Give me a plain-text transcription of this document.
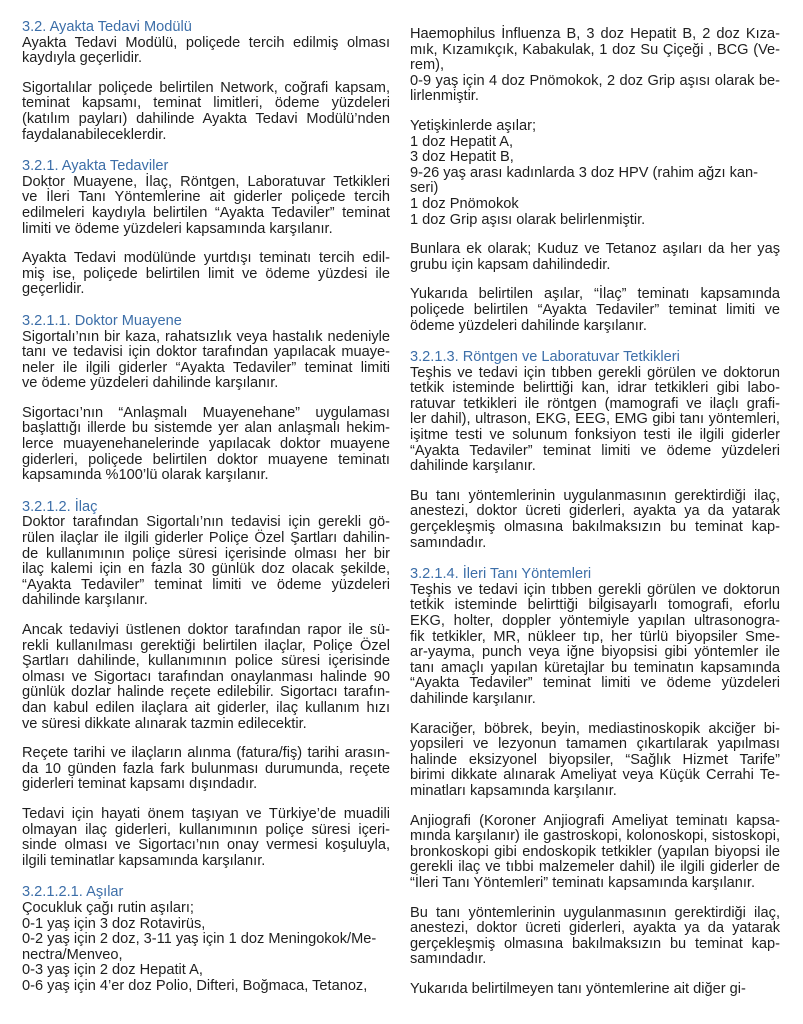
3.2. Ayakta Tedavi Modülü
Ayakta Tedavi Modülü, poliçede tercih edilmiş olması
kaydıyla geçerlidir.
Sigortalılar poliçede belirtilen Network, coğrafi kapsam,
teminat kapsamı, teminat limitleri, ödeme yüzdeleri
(katılım payları) dahilinde Ayakta Tedavi Modülü’nden
faydalanabileceklerdir.
3.2.1. Ayakta Tedaviler
Doktor Muayene, İlaç, Röntgen, Laboratuvar Tetkikleri
ve İleri Tanı Yöntemlerine ait giderler poliçede tercih
edilmeleri kaydıyla belirtilen “Ayakta Tedaviler” teminat
limiti ve ödeme yüzdeleri kapsamında karşılanır.
Ayakta Tedavi modülünde yurtdışı teminatı tercih edil-
miş ise, poliçede belirtilen limit ve ödeme yüzdesi ile
geçerlidir.
3.2.1.1. Doktor Muayene
Sigortalı’nın bir kaza, rahatsızlık veya hastalık nedeniyle
tanı ve tedavisi için doktor tarafından yapılacak muaye-
neler ile ilgili giderler “Ayakta Tedaviler” teminat limiti
ve ödeme yüzdeleri dahilinde karşılanır.
Sigortacı’nın “Anlaşmalı Muayenehane” uygulaması
başlattığı illerde bu sistemde yer alan anlaşmalı hekim-
lerce muayenehanelerinde yapılacak doktor muayene
giderleri, poliçede belirtilen doktor muayene teminatı
kapsamında %100’lü olarak karşılanır.
3.2.1.2. İlaç
Doktor tarafından Sigortalı’nın tedavisi için gerekli gö-
rülen ilaçlar ile ilgili giderler Poliçe Özel Şartları dahilin-
de kullanımının poliçe süresi içerisinde olması her bir
ilaç kalemi için en fazla 30 günlük doz olacak şekilde,
“Ayakta Tedaviler” teminat limiti ve ödeme yüzdeleri
dahilinde karşılanır.
Ancak tedaviyi üstlenen doktor tarafından rapor ile sü-
rekli kullanılması gerektiği belirtilen ilaçlar, Poliçe Özel
Şartları dahilinde, kullanımının police süresi içerisinde
olması ve Sigortacı tarafından onaylanması halinde 90
günlük dozlar halinde reçete edilebilir. Sigortacı tarafın-
dan kabul edilen ilaçlara ait giderler, ilaç kullanım hızı
ve süresi dikkate alınarak tazmin edilecektir.
Reçete tarihi ve ilaçların alınma (fatura/fiş) tarihi arasın-
da 10 günden fazla fark bulunması durumunda, reçete
giderleri teminat kapsamı dışındadır.
Tedavi için hayati önem taşıyan ve Türkiye’de muadili
olmayan ilaç giderleri, kullanımının poliçe süresi içeri-
sinde olması ve Sigortacı’nın onay vermesi koşuluyla,
ilgili teminatlar kapsamında karşılanır.
3.2.1.2.1. Aşılar
Çocukluk çağı rutin aşıları;
0-1 yaş için 3 doz Rotavirüs,
0-2 yaş için 2 doz, 3-11 yaş için 1 doz Meningokok/Me-
nectra/Menveo,
0-3 yaş için 2 doz Hepatit A,
0-6 yaş için 4’er doz Polio, Difteri, Boğmaca, Tetanoz,
Haemophilus İnfluenza B, 3 doz Hepatit B, 2 doz Kıza-
mık, Kızamıkçık, Kabakulak, 1 doz Su Çiçeği , BCG (Ve-
rem),
0-9 yaş için 4 doz Pnömokok, 2 doz Grip aşısı olarak be-
lirlenmiştir.
Yetişkinlerde aşılar;
1 doz Hepatit A,
3 doz Hepatit B,
9-26 yaş arası kadınlarda 3 doz HPV (rahim ağzı kan-
seri)
1 doz Pnömokok
1 doz Grip aşısı olarak belirlenmiştir.
Bunlara ek olarak; Kuduz ve Tetanoz aşıları da her yaş
grubu için kapsam dahilindedir.
Yukarıda belirtilen aşılar, “İlaç” teminatı kapsamında
poliçede belirtilen “Ayakta Tedaviler” teminat limiti ve
ödeme yüzdeleri dahilinde karşılanır.
3.2.1.3. Röntgen ve Laboratuvar Tetkikleri
Teşhis ve tedavi için tıbben gerekli görülen ve doktorun
tetkik isteminde belirttiği kan, idrar tetkikleri gibi labo-
ratuvar tetkikleri ile röntgen (mamografi ve ilaçlı grafi-
ler dahil), ultrason, EKG, EEG, EMG gibi tanı yöntemleri,
işitme testi ve solunum fonksiyon testi ile ilgili giderler
“Ayakta Tedaviler” teminat limiti ve ödeme yüzdeleri
dahilinde karşılanır.
Bu tanı yöntemlerinin uygulanmasının gerektirdiği ilaç,
anestezi, doktor ücreti giderleri, ayakta ya da yatarak
gerçekleşmiş olmasına bakılmaksızın bu teminat kap-
samındadır.
3.2.1.4. İleri Tanı Yöntemleri
Teşhis ve tedavi için tıbben gerekli görülen ve doktorun
tetkik isteminde belirttiği bilgisayarlı tomografi, eforlu
EKG, holter, doppler yöntemiyle yapılan ultrasonogra-
fik tetkikler, MR, nükleer tıp, her türlü biyopsiler Sme-
ar-yayma, punch veya iğne biyopsisi gibi yöntemler ile
tanı amaçlı yapılan küretajlar bu teminatın kapsamında
“Ayakta Tedaviler” teminat limiti ve ödeme yüzdeleri
dahilinde karşılanır.
Karaciğer, böbrek, beyin, mediastinoskopik akciğer bi-
yopsileri ve lezyonun tamamen çıkartılarak yapılması
halinde eksizyonel biyopsiler, “Sağlık Hizmet Tarife”
birimi dikkate alınarak Ameliyat veya Küçük Cerrahi Te-
minatları kapsamında karşılanır.
Anjiografi (Koroner Anjiografi Ameliyat teminatı kapsa-
mında karşılanır) ile gastroskopi, kolonoskopi, sistoskopi,
bronkoskopi gibi endoskopik tetkikler (yapılan biyopsi ile
gerekli ilaç ve tıbbi malzemeler dahil) ile ilgili giderler de
“İleri Tanı Yöntemleri” teminatı kapsamında karşılanır.
Bu tanı yöntemlerinin uygulanmasının gerektirdiği ilaç,
anestezi, doktor ücreti giderleri, ayakta ya da yatarak
gerçekleşmiş olmasına bakılmaksızın bu teminat kap-
samındadır.
Yukarıda belirtilmeyen tanı yöntemlerine ait diğer gi-
